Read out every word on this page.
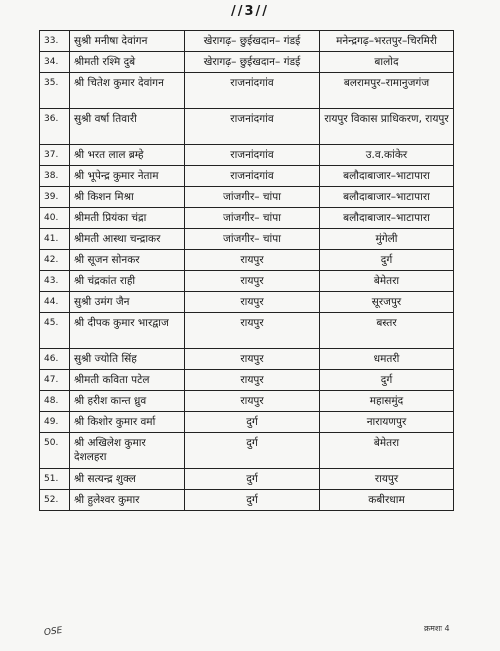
//3//
33.	सुश्री मनीषा देवांगन	खेरागढ़– छुईखदान– गंडई	मनेन्द्रगढ़–भरतपुर–चिरमिरी
34.	श्रीमती रश्मि दुबे	खेरागढ़– छुईखदान– गंडई	बालोद
35.	श्री चितेश कुमार देवांगन	राजनांदगांव	बलरामपुर–रामानुजगंज
36.	सुश्री वर्षा तिवारी	राजनांदगांव	रायपुर विकास प्राधिकरण, रायपुर
37.	श्री भरत लाल ब्रम्हे	राजनांदगांव	उ.व.कांकेर
38.	श्री भूपेन्द्र कुमार नेताम	राजनांदगांव	बलौदाबाजार–भाटापारा
39.	श्री किशन मिश्रा	जांजगीर– चांपा	बलौदाबाजार–भाटापारा
40.	श्रीमती प्रियंका चंद्रा	जांजगीर– चांपा	बलौदाबाजार–भाटापारा
41.	श्रीमती आस्था चन्द्राकर	जांजगीर– चांपा	मुंगेली
42.	श्री सूजन सोनकर	रायपुर	दुर्ग
43.	श्री चंद्रकांत राही	रायपुर	बेमेतरा
44.	सुश्री उमंग जैन	रायपुर	सूरजपुर
45.	श्री दीपक कुमार भारद्वाज	रायपुर	बस्तर
46.	सुश्री ज्योति सिंह	रायपुर	धमतरी
47.	श्रीमती कविता पटेल	रायपुर	दुर्ग
48.	श्री हरीश कान्त ध्रुव	रायपुर	महासमुंद
49.	श्री किशोर कुमार वर्मा	दुर्ग	नारायणपुर
50.	श्री अखिलेश कुमार देशलहरा	दुर्ग	बेमेतरा
51.	श्री सत्यन्द्र शुक्ल	दुर्ग	रायपुर
52.	श्री हुलेश्वर कुमार	दुर्ग	कबीरधाम
OSE	क्रमशः 4
